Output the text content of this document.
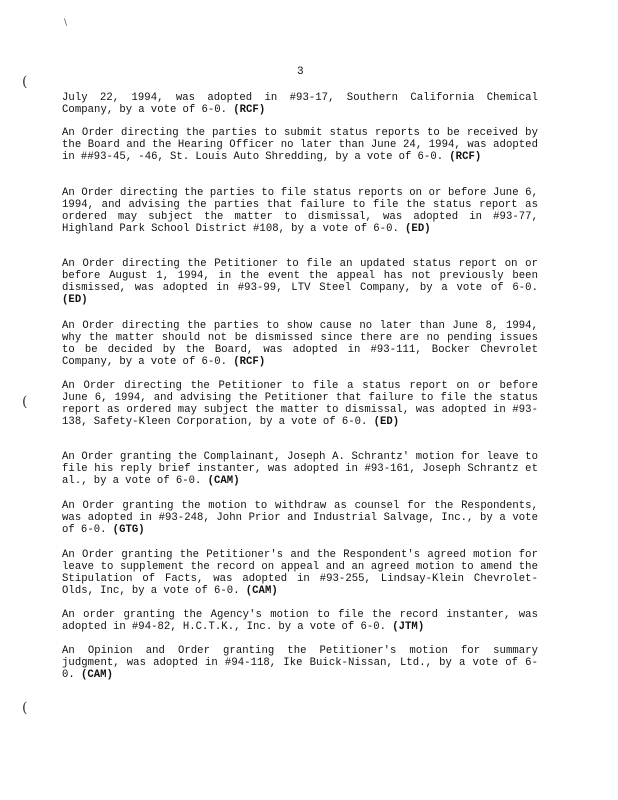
3
(
(
(
\
July 22, 1994, was adopted in #93-17, Southern California Chemical Company, by a vote of 6-0. (RCF)
An Order directing the parties to submit status reports to be received by the Board and the Hearing Officer no later than June 24, 1994, was adopted in ##93-45, -46, St. Louis Auto Shredding, by a vote of 6-0. (RCF)
An Order directing the parties to file status reports on or before June 6, 1994, and advising the parties that failure to file the status report as ordered may subject the matter to dismissal, was adopted in #93-77, Highland Park School District #108, by a vote of 6-0. (ED)
An Order directing the Petitioner to file an updated status report on or before August 1, 1994, in the event the appeal has not previously been dismissed, was adopted in #93-99, LTV Steel Company, by a vote of 6-0. (ED)
An Order directing the parties to show cause no later than June 8, 1994, why the matter should not be dismissed since there are no pending issues to be decided by the Board, was adopted in #93-111, Bocker Chevrolet Company, by a vote of 6-0. (RCF)
An Order directing the Petitioner to file a status report on or before June 6, 1994, and advising the Petitioner that failure to file the status report as ordered may subject the matter to dismissal, was adopted in #93-138, Safety-Kleen Corporation, by a vote of 6-0. (ED)
An Order granting the Complainant, Joseph A. Schrantz' motion for leave to file his reply brief instanter, was adopted in #93-161, Joseph Schrantz et al., by a vote of 6-0. (CAM)
An Order granting the motion to withdraw as counsel for the Respondents, was adopted in #93-248, John Prior and Industrial Salvage, Inc., by a vote of 6-0. (GTG)
An Order granting the Petitioner's and the Respondent's agreed motion for leave to supplement the record on appeal and an agreed motion to amend the Stipulation of Facts, was adopted in #93-255, Lindsay-Klein Chevrolet-Olds, Inc, by a vote of 6-0. (CAM)
An order granting the Agency's motion to file the record instanter, was adopted in #94-82, H.C.T.K., Inc. by a vote of 6-0. (JTM)
An Opinion and Order granting the Petitioner's motion for summary judgment, was adopted in #94-118, Ike Buick-Nissan, Ltd., by a vote of 6-0. (CAM)
